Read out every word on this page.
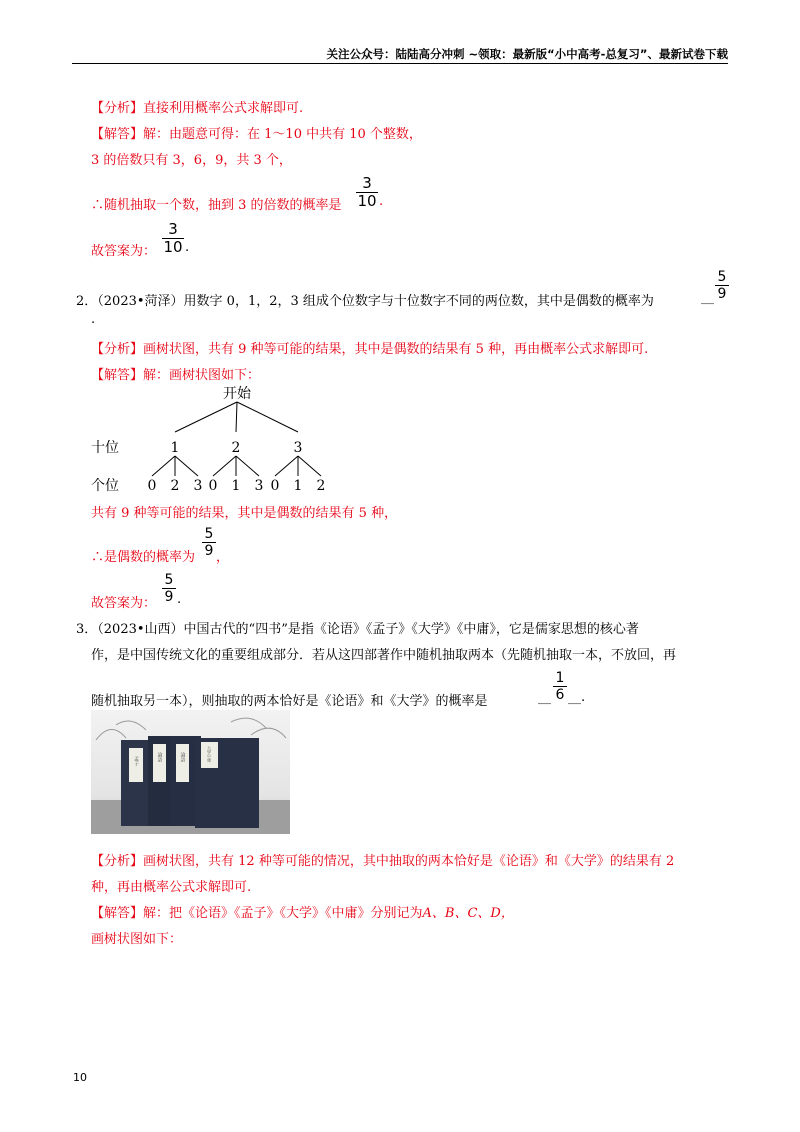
关注公众号：陆陆高分冲刺 ~领取：最新版“小中高考-总复习”、最新试卷下载
【分析】直接利用概率公式求解即可.
【解答】解：由题意可得：在 1～10 中共有 10 个整数，
3 的倍数只有 3，6，9，共 3 个，
∴随机抽取一个数，抽到 3 的倍数的概率是
3
10 .
故答案为：
3
10 .
2．（2023•菏泽）用数字 0，1，2，3 组成个位数字与十位数字不同的两位数，其中是偶数的概率为	__
5
9
.
【分析】画树状图，共有 9 种等可能的结果，其中是偶数的结果有 5 种，再由概率公式求解即可.
【解答】解：画树状图如下：
开始
十位	1	2	3
个位 0 2 3 0 1 3 0 1 2
共有 9 种等可能的结果，其中是偶数的结果有 5 种，
∴是偶数的概率为
5
9 ，
故答案为：
5
9 .
3．（2023•山西）中国古代的“四书”是指《论语》《孟子》《大学》《中庸》，它是儒家思想的核心著
作，是中国传统文化的重要组成部分．若从这四部著作中随机抽取两本（先随机抽取一本，不放回，再
随机抽取另一本），则抽取的两本恰好是《论语》和《大学》的概率是	__
1
6 __.
孟子	論語	論語	大學中庸
【分析】画树状图，共有 12 种等可能的情况，其中抽取的两本恰好是《论语》和《大学》的结果有 2
种，再由概率公式求解即可.
【解答】解：把《论语》《孟子》《大学》《中庸》分别记为A、B、C、D，
画树状图如下：
10
